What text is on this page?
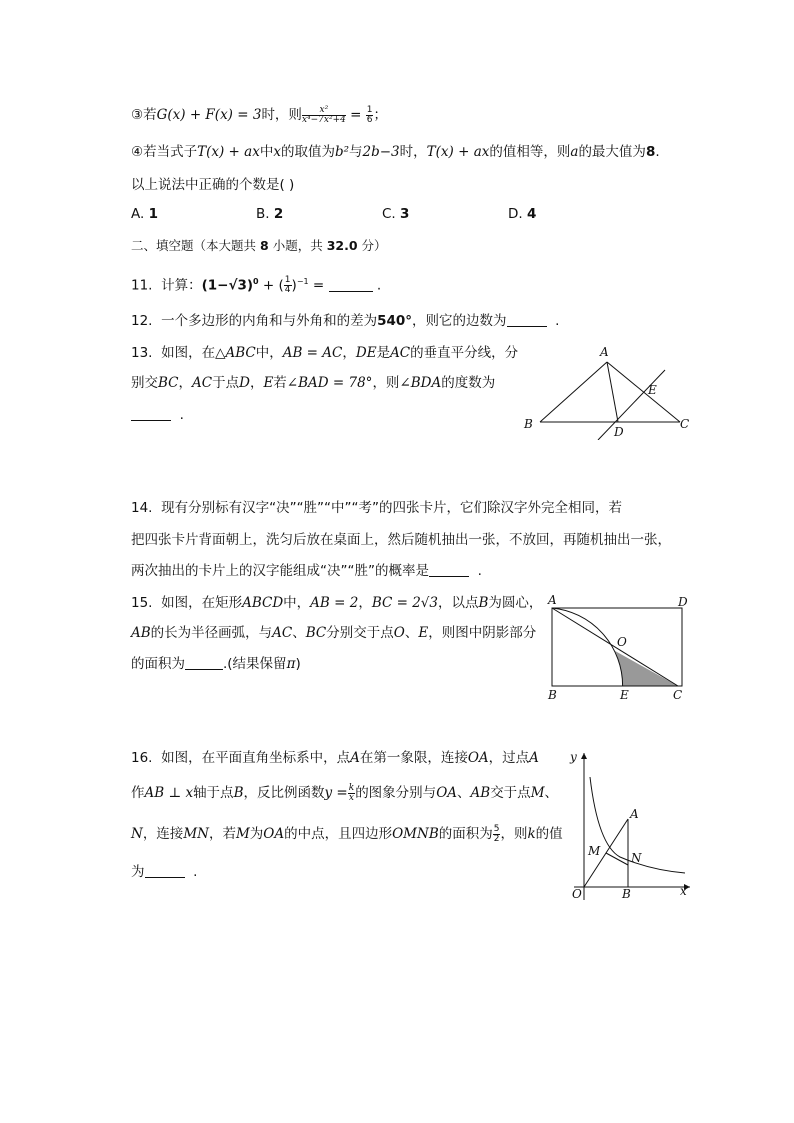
③若G(x) + F(x) = 3时，则 $\frac{\text{x²}}{\text{x⁴−7x²+4}} = \frac{1}{6}$ ；
④若当式子T(x) + ax中x的取值为b²与2b−3时，T(x) + ax的值相等，则a的最大值为8.
以上说法中正确的个数是( )
A. 1	B. 2	C. 3	D. 4
二、填空题（本大题共 8 小题，共 32.0 分）
11. 计算：$(1-√3)^0$ + ( $\frac{1}{4} )^{-1}$ =	.
12. 一个多边形的内角和与外角和的差为540°，则它的边数为	.
13. 如图，在△ABC中，AB = AC，DE是AC的垂直平分线，分
别交BC，AC于点D，E若∠BAD = 78°，则∠BDA的度数为
.
A
B	C
D
E
14. 现有分别标有汉字“决”“胜”“中”“考”的四张卡片，它们除汉字外完全相同，若
把四张卡片背面朝上，洗匀后放在桌面上，然后随机抽出一张，不放回，再随机抽出一张，
两次抽出的卡片上的汉字能组成“决”“胜”的概率是	.
15. 如图，在矩形ABCD中，AB = 2，BC = 2√3，以点B为圆心，
AB的长为半径画弧，与AC、BC分别交于点O、E，则图中阴影部分
的面积为	.(结果保留π)
A	D
B	E	C
O
16. 如图，在平面直角坐标系中，点A在第一象限，连接OA，过点A
作AB ⊥ x轴于点B，反比例函数$y = \frac{k}{x}$ 的图象分别与OA、AB交于点M、
N，连接MN，若M为OA的中点，且四边形OMNB的面积为 $\frac{5}{2}$ ，则k的值
为	.
y
x
O
A
B
M	N
